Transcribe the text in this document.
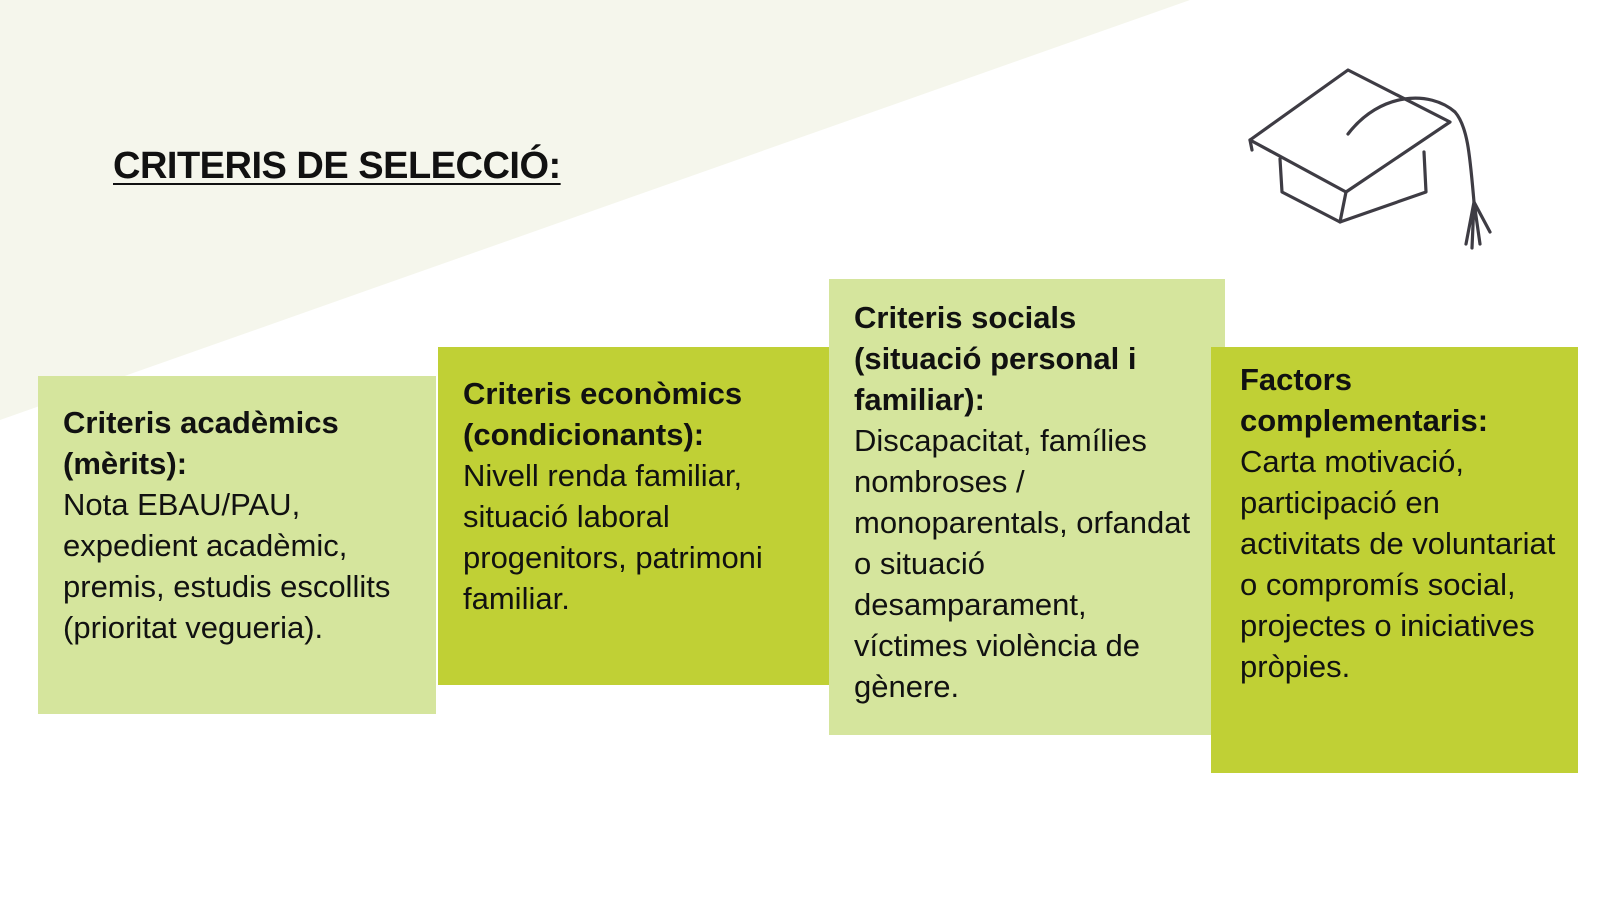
CRITERIS DE SELECCIÓ:
Criteris acadèmics (mèrits):
Nota EBAU/PAU, expedient acadèmic, premis, estudis escollits (prioritat vegueria).
Criteris econòmics (condicionants):
Nivell renda familiar, situació laboral progenitors, patrimoni familiar.
Criteris socials (situació personal i familiar):
Discapacitat, famílies nombroses / monoparentals, orfandat o situació desamparament, víctimes violència de gènere.
Factors complementaris:
Carta motivació, participació en activitats de voluntariat o compromís social, projectes o iniciatives pròpies.
